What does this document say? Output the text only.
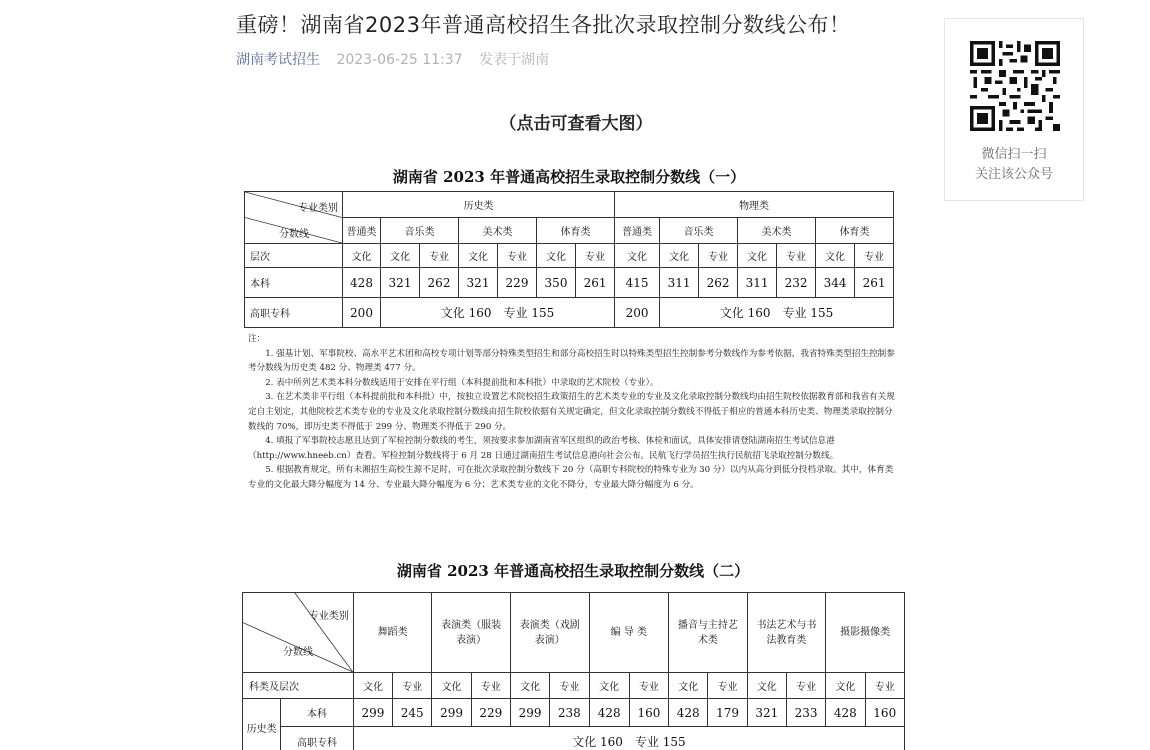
重磅！湖南省2023年普通高校招生各批次录取控制分数线公布！
湖南考试招生 2023-06-25 11:37 发表于湖南
（点击可查看大图）
湖南省 2023 年普通高校招生录取控制分数线（一）
专业类别
分数线	历史类							物理类						
	普通类	音乐类		美术类		体育类		普通类	音乐类		美术类		体育类	
层次	文化	文化	专业	文化	专业	文化	专业	文化	文化	专业	文化	专业	文化	专业
本科	428	321	262	321	229	350	261	415	311	262	311	232	344	261
高职专科	200	文化 160　专业 155						200	文化 160　专业 155					

注：

1. 强基计划、军事院校、高水平艺术团和高校专项计划等部分特殊类型招生和部分高校招生时以特殊类型招生控制参考分数线作为参考依据，我省特殊类型招生控制参考分数线为历史类 482 分、物理类 477 分。

2. 表中所列艺术类本科分数线适用于安排在平行组（本科提前批和本科批）中录取的艺术院校（专业）。

3. 在艺术类非平行组（本科提前批和本科批）中，按独立设置艺术院校招生政策招生的艺术类专业的专业及文化录取控制分数线均由招生院校依据教育部和我省有关规定自主划定，其他院校艺术类专业的专业及文化录取控制分数线由招生院校依据有关规定确定，但文化录取控制分数线不得低于相应的普通本科历史类、物理类录取控制分数线的 70%，即历史类不得低于 299 分、物理类不得低于 290 分。

4. 填报了军事院校志愿且达到了军检控制分数线的考生，须按要求参加湖南省军区组织的政治考核、体检和面试，具体安排请登陆湖南招生考试信息港（http://www.hneeb.cn）查看。军检控制分数线将于 6 月 28 日通过湖南招生考试信息港向社会公布。民航飞行学员招生执行民航招飞录取控制分数线。

5. 根据教育规定，所有未湘招生高校生源不足时，可在批次录取控制分数线下 20 分（高职专科院校的特殊专业为 30 分）以内从高分到低分投档录取。其中，体育类专业的文化最大降分幅度为 14 分、专业最大降分幅度为 6 分；艺术类专业的文化不降分，专业最大降分幅度为 6 分。

湖南省 2023 年普通高校招生录取控制分数线（二）
专业类别
分数线		舞蹈类		表演类（服装表演）		表演类（戏剧表演）		编 导 类		播音与主持艺术类		书法艺术与书法教育类		摄影摄像类	
科类及层次		文化	专业	文化	专业	文化	专业	文化	专业	文化	专业	文化	专业	文化	专业
历史类	本科	299	245	299	229	299	238	428	160	428	179	321	233	428	160
	高职专科	文化 160　专业 155													
微信扫一扫
关注该公众号
